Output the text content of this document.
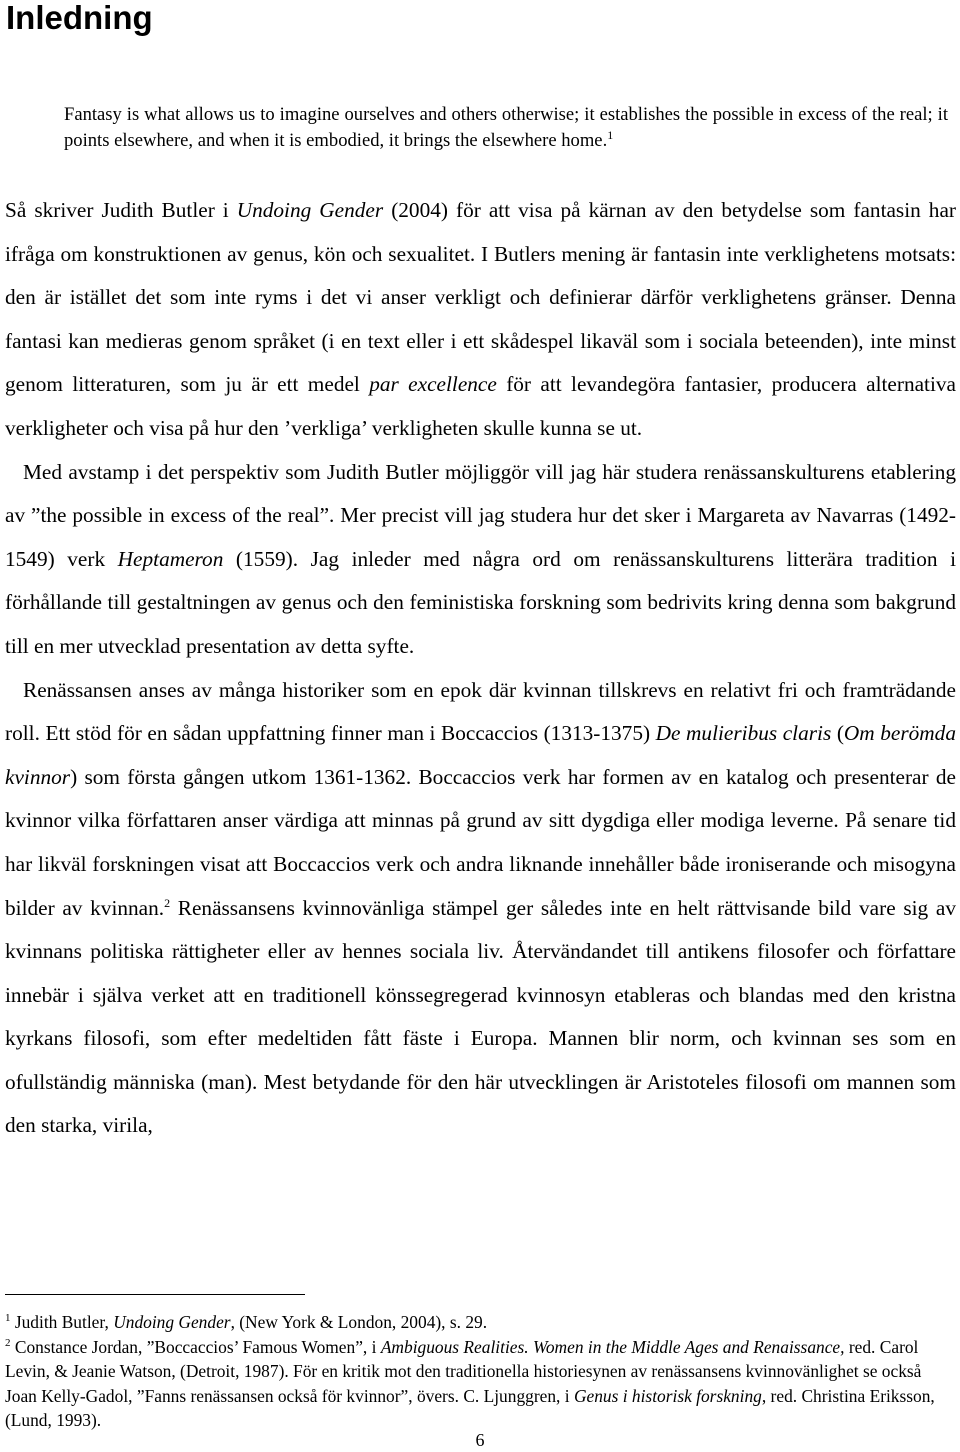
Inledning

Fantasy is what allows us to imagine ourselves and others otherwise; it establishes the possible in excess of the real; it points elsewhere, and when it is embodied, it brings the elsewhere home.$^1$

Så skriver Judith Butler i Undoing Gender (2004) för att visa på kärnan av den betydelse som fantasin har ifråga om konstruktionen av genus, kön och sexualitet. I Butlers mening är fantasin inte verklighetens motsats: den är istället det som inte ryms i det vi anser verkligt och definierar därför verklighetens gränser. Denna fantasi kan medieras genom språket (i en text eller i ett skådespel likaväl som i sociala beteenden), inte minst genom litteraturen, som ju är ett medel par excellence för att levandegöra fantasier, producera alternativa verkligheter och visa på hur den ’verkliga’ verkligheten skulle kunna se ut.

Med avstamp i det perspektiv som Judith Butler möjliggör vill jag här studera renässanskulturens etablering av ”the possible in excess of the real”. Mer precist vill jag studera hur det sker i Margareta av Navarras (1492-1549) verk Heptameron (1559). Jag inleder med några ord om renässanskulturens litterära tradition i förhållande till gestaltningen av genus och den feministiska forskning som bedrivits kring denna som bakgrund till en mer utvecklad presentation av detta syfte.

Renässansen anses av många historiker som en epok där kvinnan tillskrevs en relativt fri och framträdande roll. Ett stöd för en sådan uppfattning finner man i Boccaccios (1313-1375) De mulieribus claris (Om berömda kvinnor) som första gången utkom 1361-1362. Boccaccios verk har formen av en katalog och presenterar de kvinnor vilka författaren anser värdiga att minnas på grund av sitt dygdiga eller modiga leverne. På senare tid har likväl forskningen visat att Boccaccios verk och andra liknande innehåller både ironiserande och misogyna bilder av kvinnan.$^2$ Renässansens kvinnovänliga stämpel ger således inte en helt rättvisande bild vare sig av kvinnans politiska rättigheter eller av hennes sociala liv. Återvändandet till antikens filosofer och författare innebär i själva verket att en traditionell könssegregerad kvinnosyn etableras och blandas med den kristna kyrkans filosofi, som efter medeltiden fått fäste i Europa. Mannen blir norm, och kvinnan ses som en ofullständig människa (man). Mest betydande för den här utvecklingen är Aristoteles filosofi om mannen som den starka, virila,

$^1$ Judith Butler, Undoing Gender, (New York & London, 2004), s. 29.

$^2$ Constance Jordan, ”Boccaccios’ Famous Women”, i Ambiguous Realities. Women in the Middle Ages and Renaissance, red. Carol Levin, & Jeanie Watson, (Detroit, 1987). För en kritik mot den traditionella historiesynen av renässansens kvinnovänlighet se också Joan Kelly-Gadol, ”Fanns renässansen också för kvinnor”, övers. C. Ljunggren, i Genus i historisk forskning, red. Christina Eriksson, (Lund, 1993).

6
